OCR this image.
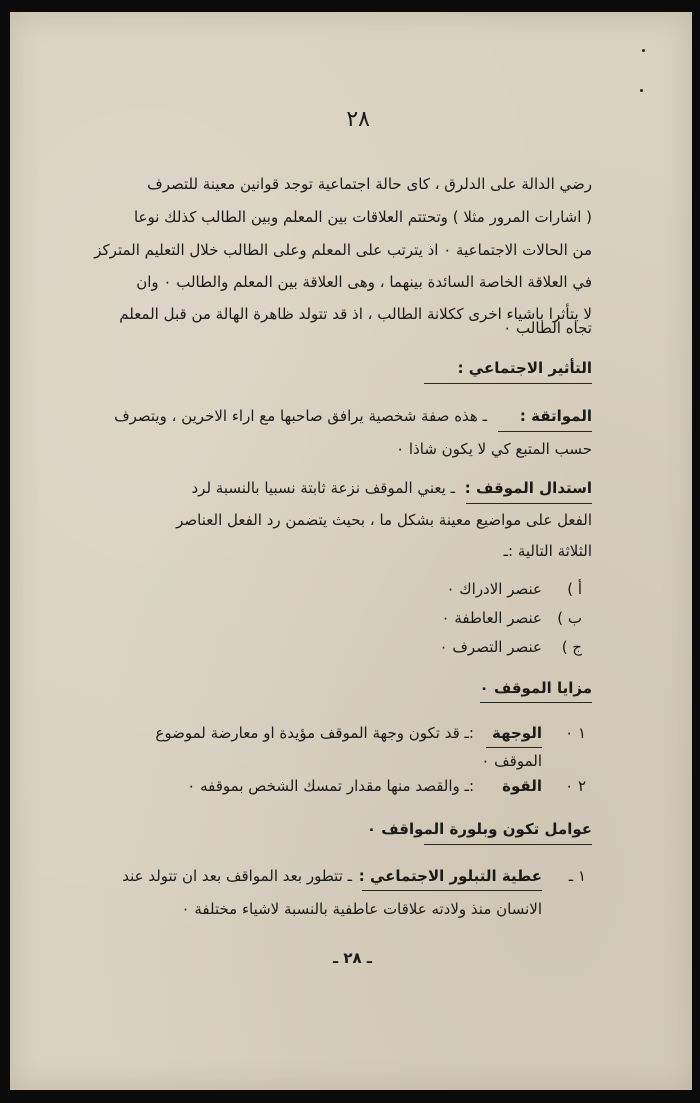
٢٨
رضي الدالة على الدلرق ، كاى حالة اجتماعية توجد قوانين معينة للتصرف
( اشارات المرور مثلا ) وتحتتم العلاقات بين المعلم وبين الطالب كذلك نوعا
من الحالات الاجتماعية ٠ اذ يترتب على المعلم وعلى الطالب خلال التعليم المتركز
في العلاقة الخاصة السائدة بينهما ، وهى العلاقة بين المعلم والطالب ٠ وان
لا يتأثرا باشياء اخرى ككلانة الطالب ، اذ قد تتولد ظاهرة الهالة من قبل المعلم
تجاه الطالب ٠
التأثير الاجتماعي :
المواتقة :
ـ هذه صفة شخصية يرافق صاحبها مع اراء الاخرين ، ويتصرف
حسب المتبع كي لا يكون شاذا ٠
استدال الموقف :
ـ يعني الموقف نزعة ثابتة نسبيا بالنسبة لرد
الفعل على مواضيع معينة بشكل ما ، بحيث يتضمن رد الفعل العناصر
الثلاثة التالية :ـ
أ )
عنصر الادراك ٠
ب )
عنصر العاطفة ٠
ج )
عنصر التصرف ٠
مزايا الموقف ٠
١ ٠
الوجهة
:ـ قد تكون وجهة الموقف مؤيدة او معارضة لموضوع
الموقف ٠
٢ ٠
القوة
:ـ والقصد منها مقدار تمسك الشخص بموقفه ٠
عوامل تكون وبلورة المواقف ٠
١ ـ
عطية التبلور الاجتماعي :
ـ تتطور بعد المواقف بعد ان تتولد عند
الانسان منذ ولادته علاقات عاطفية بالنسبة لاشياء مختلفة ٠
ـ ٢٨ ـ
